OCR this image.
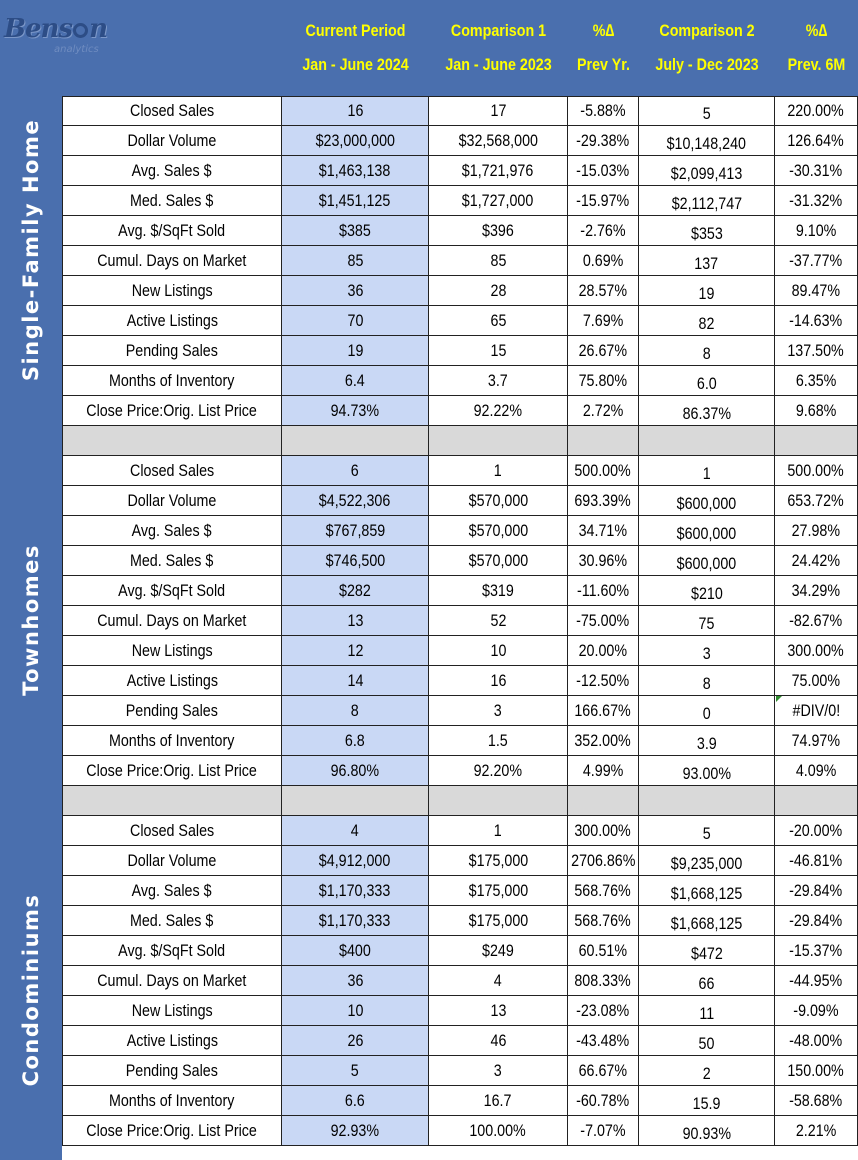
Bens n
analytics
Current Period
Jan - June 2024
Comparison 1
Jan - June 2023
%∆
Prev Yr.
Comparison 2
July - Dec 2023
%∆
Prev. 6M
Single-Family Home
Townhomes
Condominiums
Closed Sales	16	17	-5.88%	5	220.00%
Dollar Volume	$23,000,000	$32,568,000 -29.38% $10,148,240 126.64%
Avg. Sales $	$1,463,138	$1,721,976	-15.03% $2,099,413	-30.31%
Med. Sales $	$1,451,125	$1,727,000	-15.97% $2,112,747	-31.32%
Avg. $/SqFt Sold	$385	$396	-2.76%	$353	9.10%
Cumul. Days on Market	85	85	0.69%	137	-37.77%
New Listings	36	28	28.57%	19	89.47%
Active Listings	70	65	7.69%	82	-14.63%
Pending Sales	19	15	26.67%	8	137.50%
Months of Inventory	6.4	3.7	75.80%	6.0	6.35%
Close Price:Orig. List Price	94.73%	92.22%	2.72%	86.37%	9.68%
Closed Sales	6	1	500.00%	1	500.00%
Dollar Volume	$4,522,306	$570,000	693.39%	$600,000	653.72%
Avg. Sales $	$767,859	$570,000	34.71%	$600,000	27.98%
Med. Sales $	$746,500	$570,000	30.96%	$600,000	24.42%
Avg. $/SqFt Sold	$282	$319	-11.60%	$210	34.29%
Cumul. Days on Market	13	52	-75.00%	75	-82.67%
New Listings	12	10	20.00%	3	300.00%
Active Listings	14	16	-12.50%	8	75.00%
Pending Sales	8	3	166.67%	0	#DIV/0!
Months of Inventory	6.8	1.5	352.00%	3.9	74.97%
Close Price:Orig. List Price	96.80%	92.20%	4.99%	93.00%	4.09%
Closed Sales	4	1	300.00%	5	-20.00%
Dollar Volume	$4,912,000	$175,000	2706.86% $9,235,000	-46.81%
Avg. Sales $	$1,170,333	$175,000	568.76% $1,668,125	-29.84%
Med. Sales $	$1,170,333	$175,000	568.76% $1,668,125	-29.84%
Avg. $/SqFt Sold	$400	$249	60.51%	$472	-15.37%
Cumul. Days on Market	36	4	808.33%	66	-44.95%
New Listings	10	13	-23.08%	11	-9.09%
Active Listings	26	46	-43.48%	50	-48.00%
Pending Sales	5	3	66.67%	2	150.00%
Months of Inventory	6.6	16.7	-60.78%	15.9	-58.68%
Close Price:Orig. List Price	92.93%	100.00%	-7.07%	90.93%	2.21%
